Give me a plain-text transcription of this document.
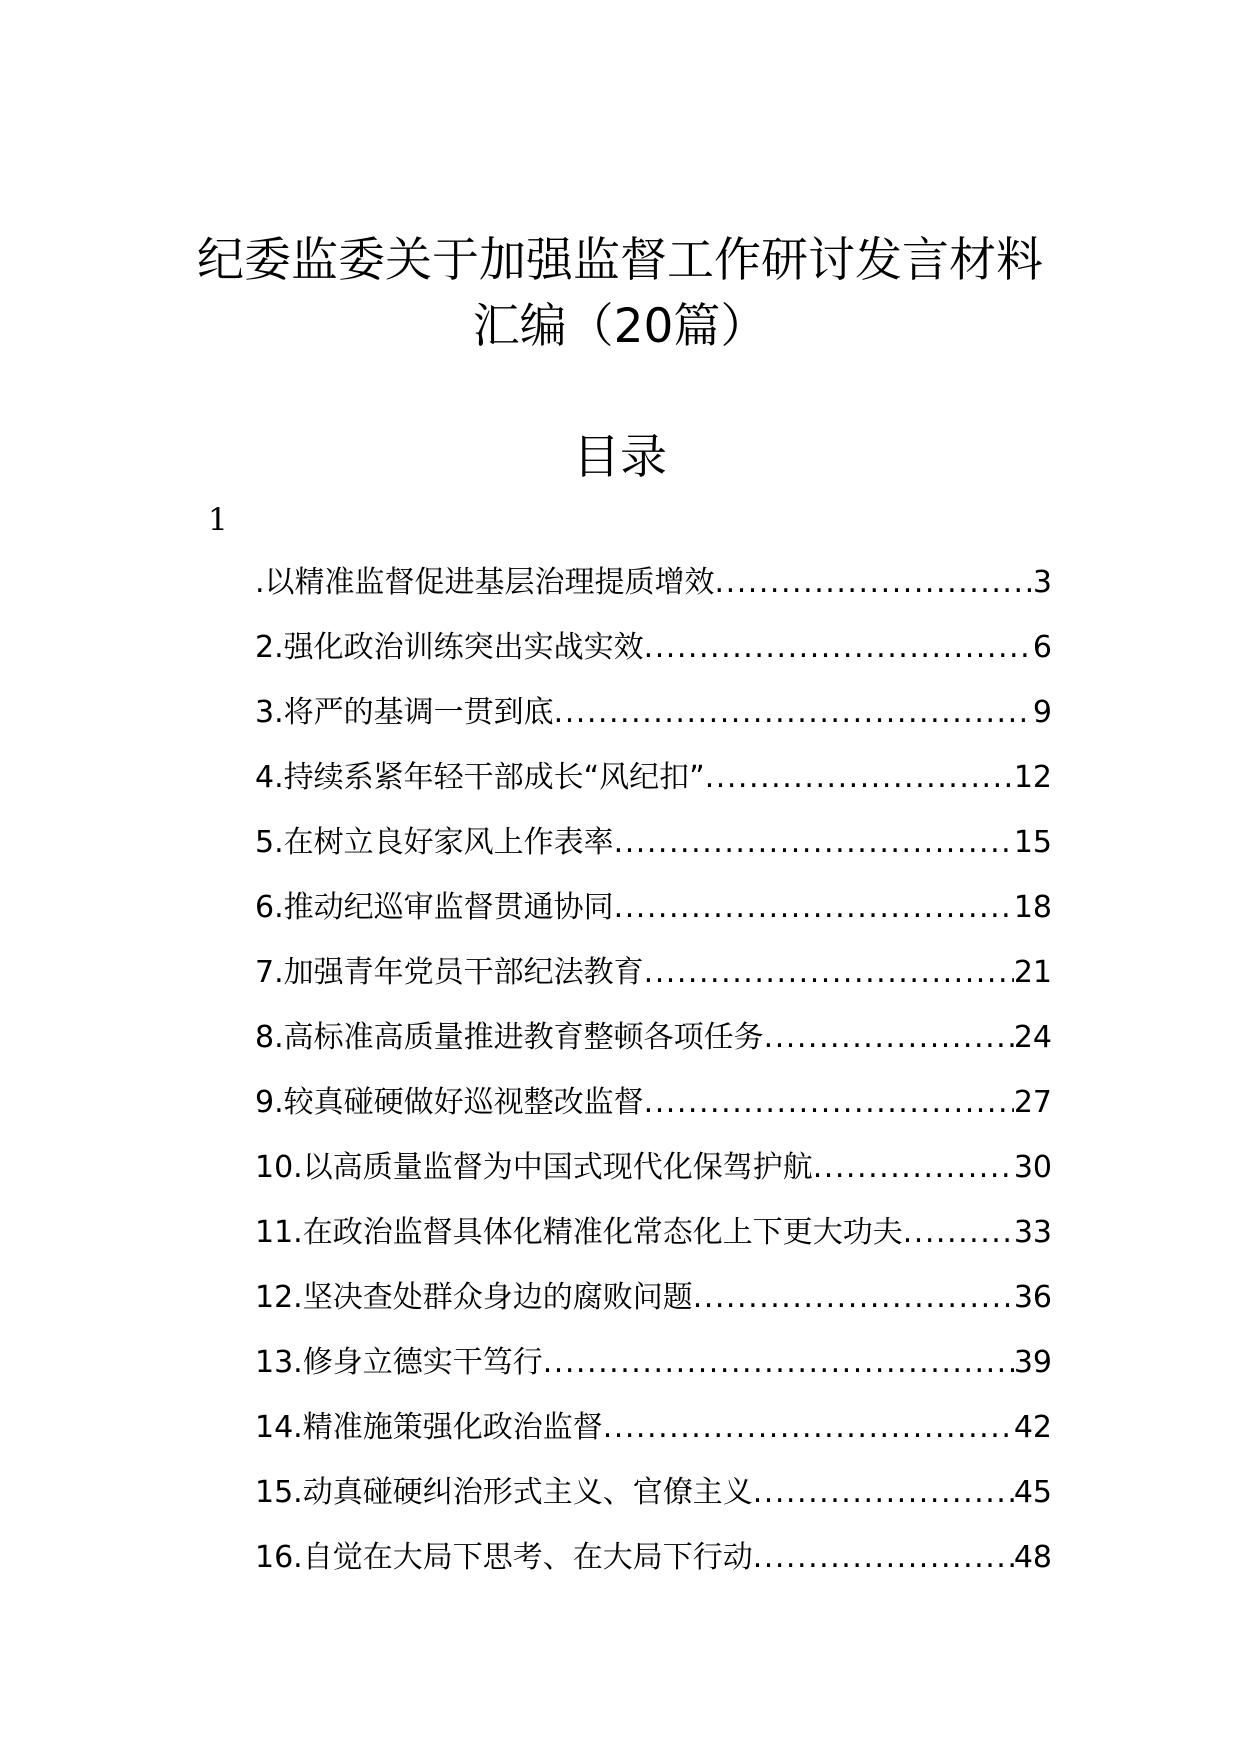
纪委监委关于加强监督工作研讨发言材料
汇编（20篇）
目录
1
.以精准监督促进基层治理提质增效 . . .	3
2.强化政治训练突出实战实效 . . .	6
3.将严的基调一贯到底 . . .	9
4.持续系紧年轻干部成长“风纪扣” . . .	12
5.在树立良好家风上作表率 . . .	15
6.推动纪巡审监督贯通协同 . . .	18
7.加强青年党员干部纪法教育 . . .	21
8.高标准高质量推进教育整顿各项任务 . . .	24
9.较真碰硬做好巡视整改监督 . . .	27
10.以高质量监督为中国式现代化保驾护航 . . .	30
11.在政治监督具体化精准化常态化上下更大功夫 . . .	33
12.坚决查处群众身边的腐败问题 . . .	36
13.修身立德实干笃行 . . .	39
14.精准施策强化政治监督 . . .	42
15.动真碰硬纠治形式主义、官僚主义 . . .	45
16.自觉在大局下思考、在大局下行动 . . .	48
